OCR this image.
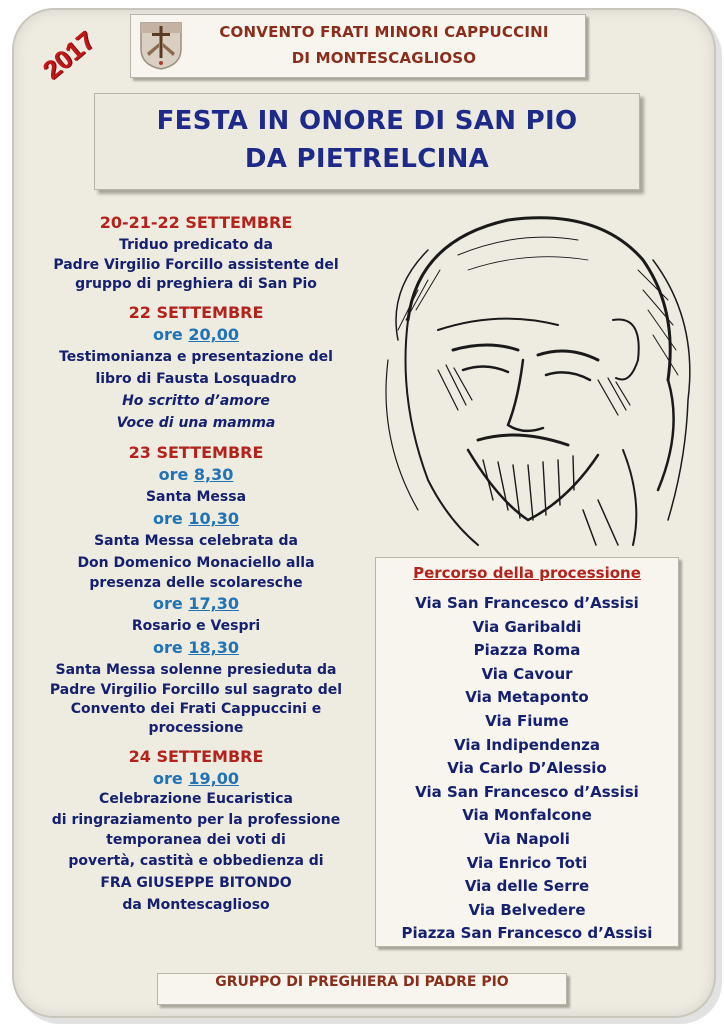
2017	CONVENTO FRATI MINORI CAPPUCCINI
DI MONTESCAGLIOSO
FESTA IN ONORE DI SAN PIO
DA PIETRELCINA
20-21-22 SETTEMBRE
Triduo predicato da
Padre Virgilio Forcillo assistente del
gruppo di preghiera di San Pio
22 SETTEMBRE
ore 20,00
Testimonianza e presentazione del
libro di Fausta Losquadro
Ho scritto d’amore
Voce di una mamma
23 SETTEMBRE
ore 8,30
Santa Messa
ore 10,30
Santa Messa celebrata da
Don Domenico Monaciello alla
presenza delle scolaresche
ore 17,30
Rosario e Vespri
ore 18,30
Santa Messa solenne presieduta da
Padre Virgilio Forcillo sul sagrato del
Convento dei Frati Cappuccini e
processione
24 SETTEMBRE
ore 19,00
Celebrazione Eucaristica
di ringraziamento per la professione
temporanea dei voti di
povertà, castità e obbedienza di
FRA GIUSEPPE BITONDO
da Montescaglioso
Percorso della processione
Via San Francesco d’Assisi
Via Garibaldi
Piazza Roma
Via Cavour
Via Metaponto
Via Fiume
Via Indipendenza
Via Carlo D’Alessio
Via San Francesco d’Assisi
Via Monfalcone
Via Napoli
Via Enrico Toti
Via delle Serre
Via Belvedere
Piazza San Francesco d’Assisi
GRUPPO DI PREGHIERA DI PADRE PIO
